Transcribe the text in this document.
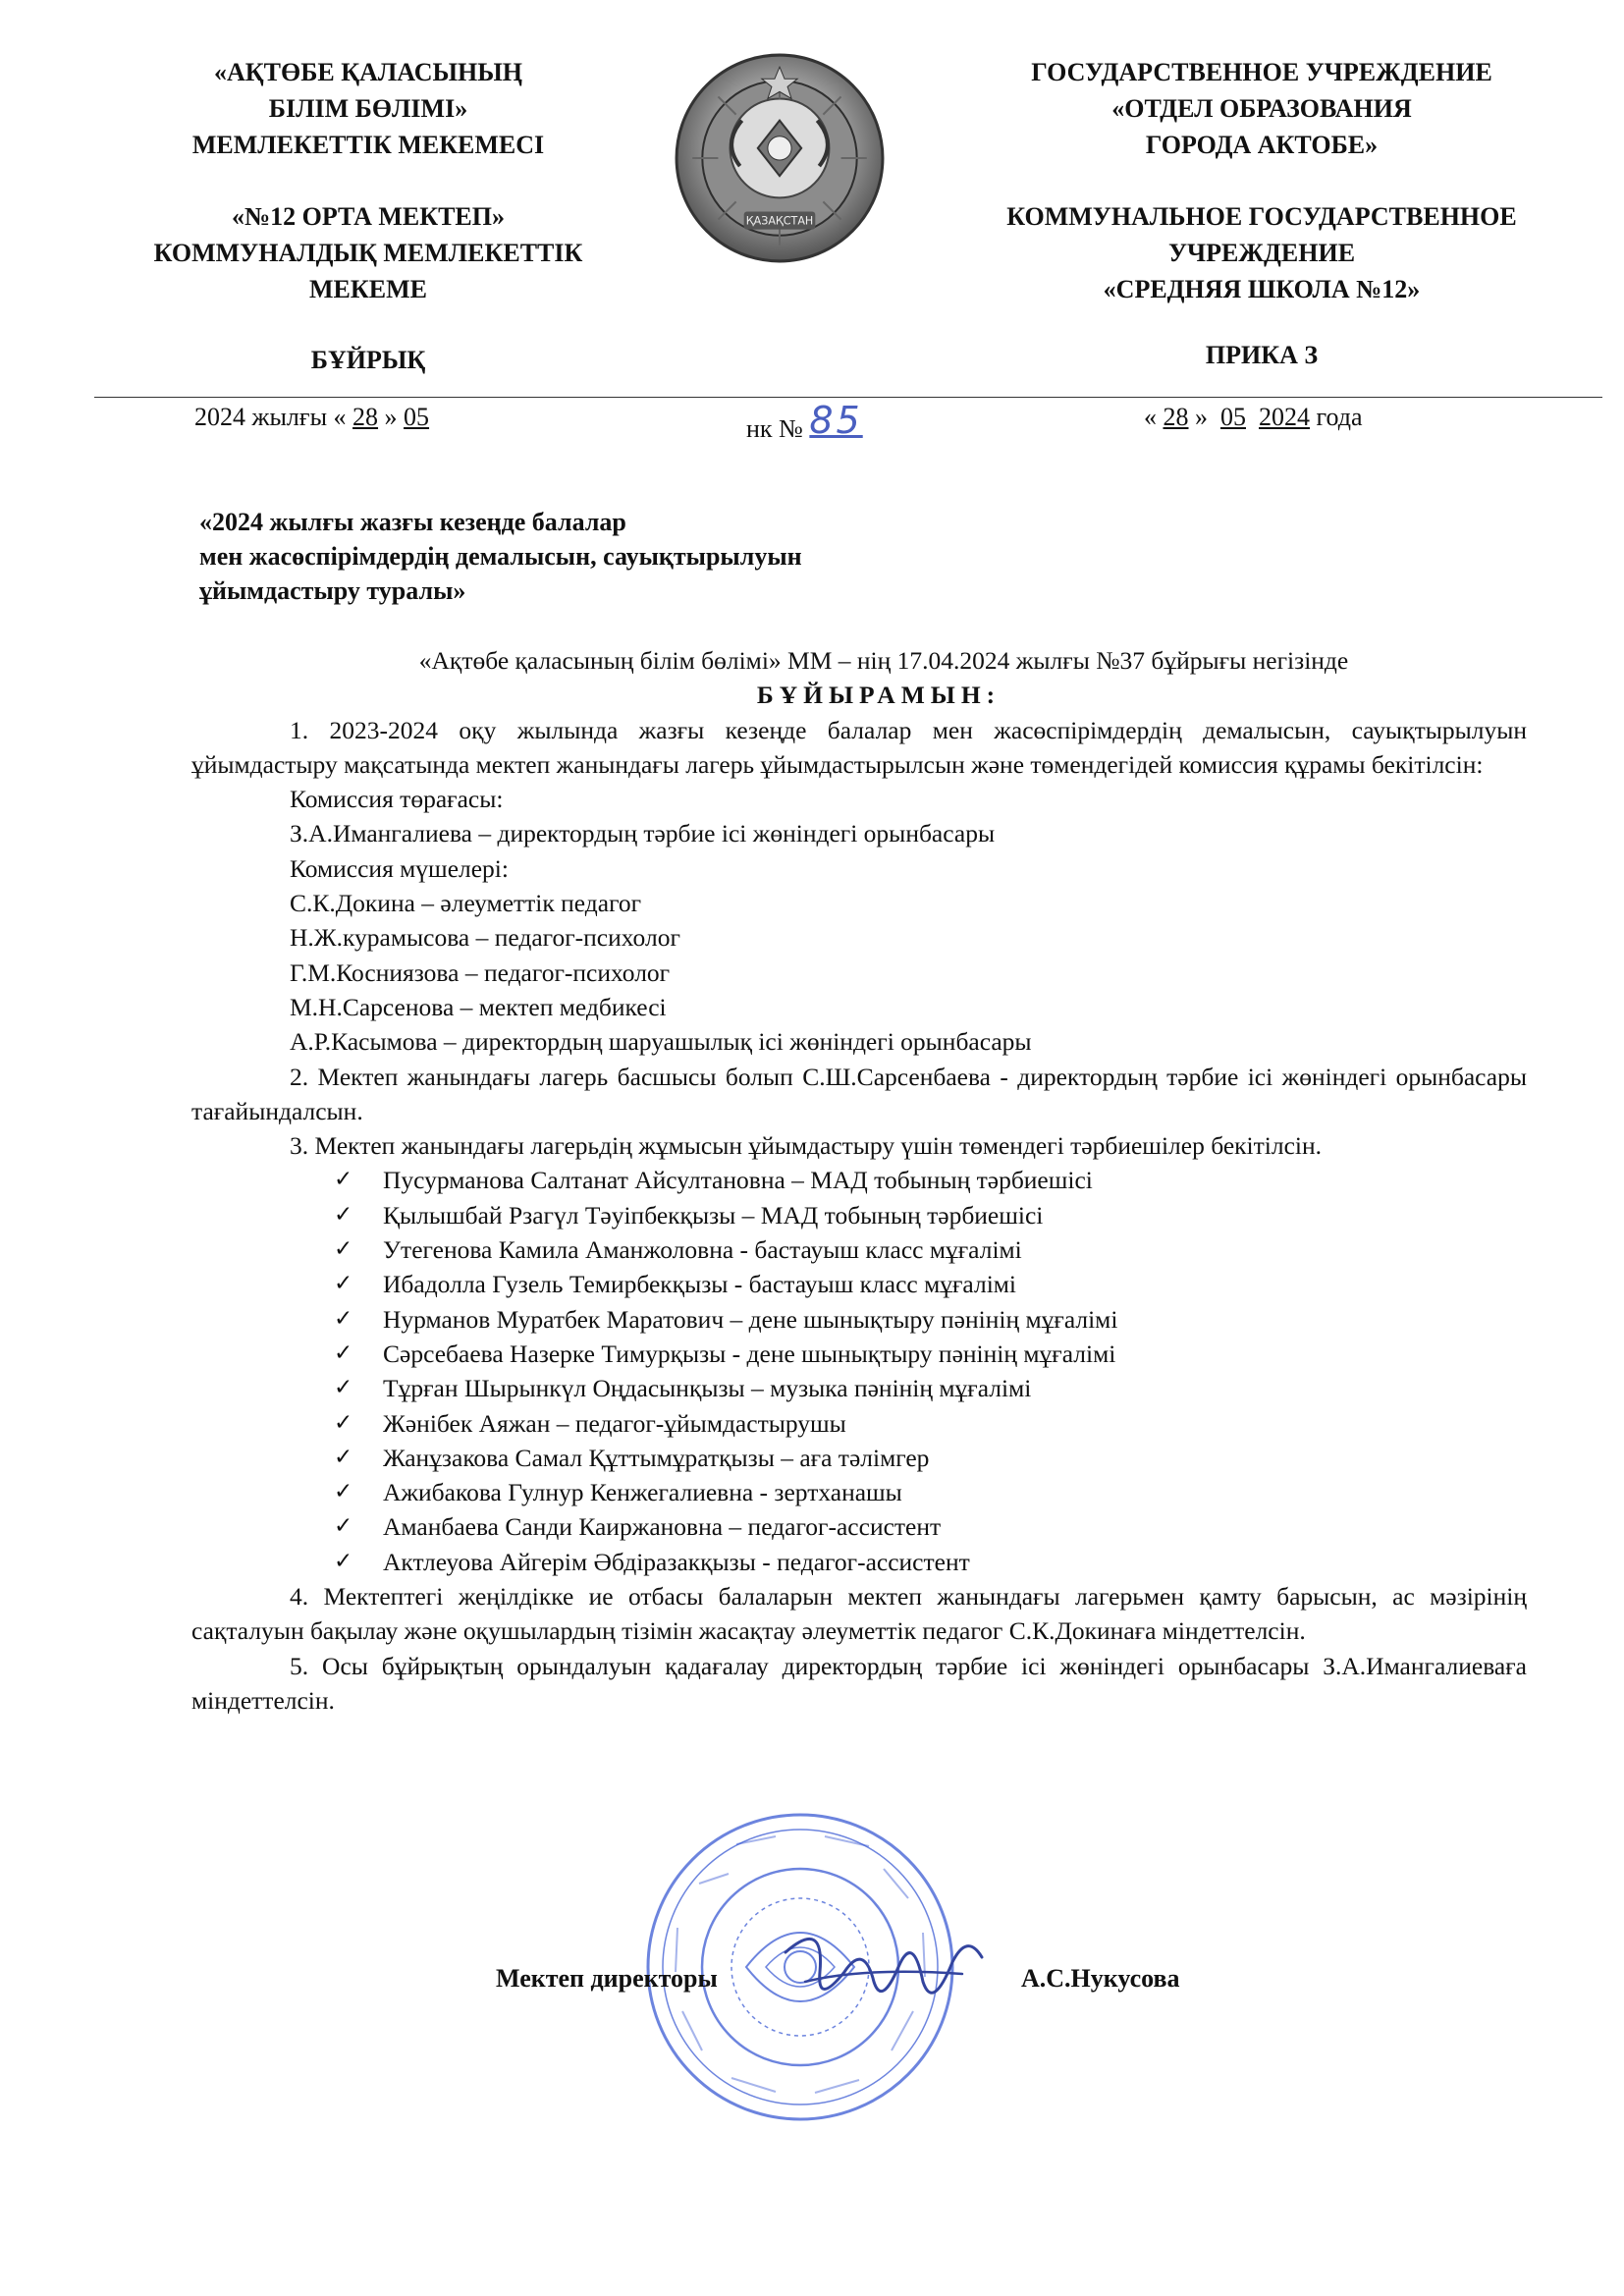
«АҚТӨБЕ ҚАЛАСЫНЫҢ
БІЛІМ БӨЛІМІ»
МЕМЛЕКЕТТІК МЕКЕМЕСІ
«№12 ОРТА МЕКТЕП»
КОММУНАЛДЫҚ МЕМЛЕКЕТТІК
МЕКЕМЕ
БҰЙРЫҚ
ҚАЗАҚСТАН
ГОСУДАРСТВЕННОЕ УЧРЕЖДЕНИЕ
«ОТДЕЛ ОБРАЗОВАНИЯ
ГОРОДА АКТОБЕ»
КОММУНАЛЬНОЕ ГОСУДАРСТВЕННОЕ
УЧРЕЖДЕНИЕ
«СРЕДНЯЯ ШКОЛА №12»
ПРИКА З
2024 жылғы « 28 » 05	нк № 85	« 28 »  05 2024 года
«2024 жылғы жазғы кезеңде балалар
мен жасөспірімдердің демалысын, сауықтырылуын
ұйымдастыру туралы»
«Ақтөбе қаласының білім бөлімі» ММ – нің 17.04.2024 жылғы №37 бұйрығы негізінде
БҰЙЫРАМЫН:
1. 2023-2024 оқу жылында жазғы кезеңде балалар мен жасөспірімдердің демалысын, сауықтырылуын ұйымдастыру мақсатында мектеп жанындағы лагерь ұйымдастырылсын және төмендегідей комиссия құрамы бекітілсін:
Комиссия төрағасы:
З.А.Имангалиева – директордың тәрбие ісі жөніндегі орынбасары
Комиссия мүшелері:
С.К.Докина – әлеуметтік педагог
Н.Ж.курамысова – педагог-психолог
Г.М.Косниязова – педагог-психолог
М.Н.Сарсенова – мектеп медбикесі
А.Р.Касымова – директордың шаруашылық ісі жөніндегі орынбасары
2. Мектеп жанындағы лагерь басшысы болып С.Ш.Сарсенбаева - директордың тәрбие ісі жөніндегі орынбасары тағайындалсын.
3. Мектеп жанындағы лагерьдің жұмысын ұйымдастыру үшін төмендегі тәрбиешілер бекітілсін.
✓ Пусурманова Салтанат Айсултановна – МАД тобының тәрбиешісі
✓ Қылышбай Рзагүл Тәуіпбекқызы – МАД тобының тәрбиешісі
✓ Утегенова Камила Аманжоловна - бастауыш класс мұғалімі
✓ Ибадолла Гузель Темирбекқызы - бастауыш класс мұғалімі
✓ Нурманов Муратбек Маратович – дене шынықтыру пәнінің мұғалімі
✓ Сәрсебаева Назерке Тимурқызы - дене шынықтыру пәнінің мұғалімі
✓ Тұрған Шырынкүл Оңдасынқызы – музыка пәнінің мұғалімі
✓ Жәнібек Аяжан – педагог-ұйымдастырушы
✓ Жанұзакова Самал Құттымұратқызы – аға тәлімгер
✓ Ажибакова Гулнур Кенжегалиевна - зертханашы
✓ Аманбаева Санди Каиржановна – педагог-ассистент
✓ Актлеуова Айгерім Әбдіразакқызы - педагог-ассистент
4. Мектептегі жеңілдікке ие отбасы балаларын мектеп жанындағы лагерьмен қамту барысын, ас мәзірінің сақталуын бақылау және оқушылардың тізімін жасақтау әлеуметтік педагог С.К.Докинаға міндеттелсін.
5. Осы бұйрықтың орындалуын қадағалау директордың тәрбие ісі жөніндегі орынбасары З.А.Имангалиеваға міндеттелсін.
Мектеп директоры	А.С.Нукусова
